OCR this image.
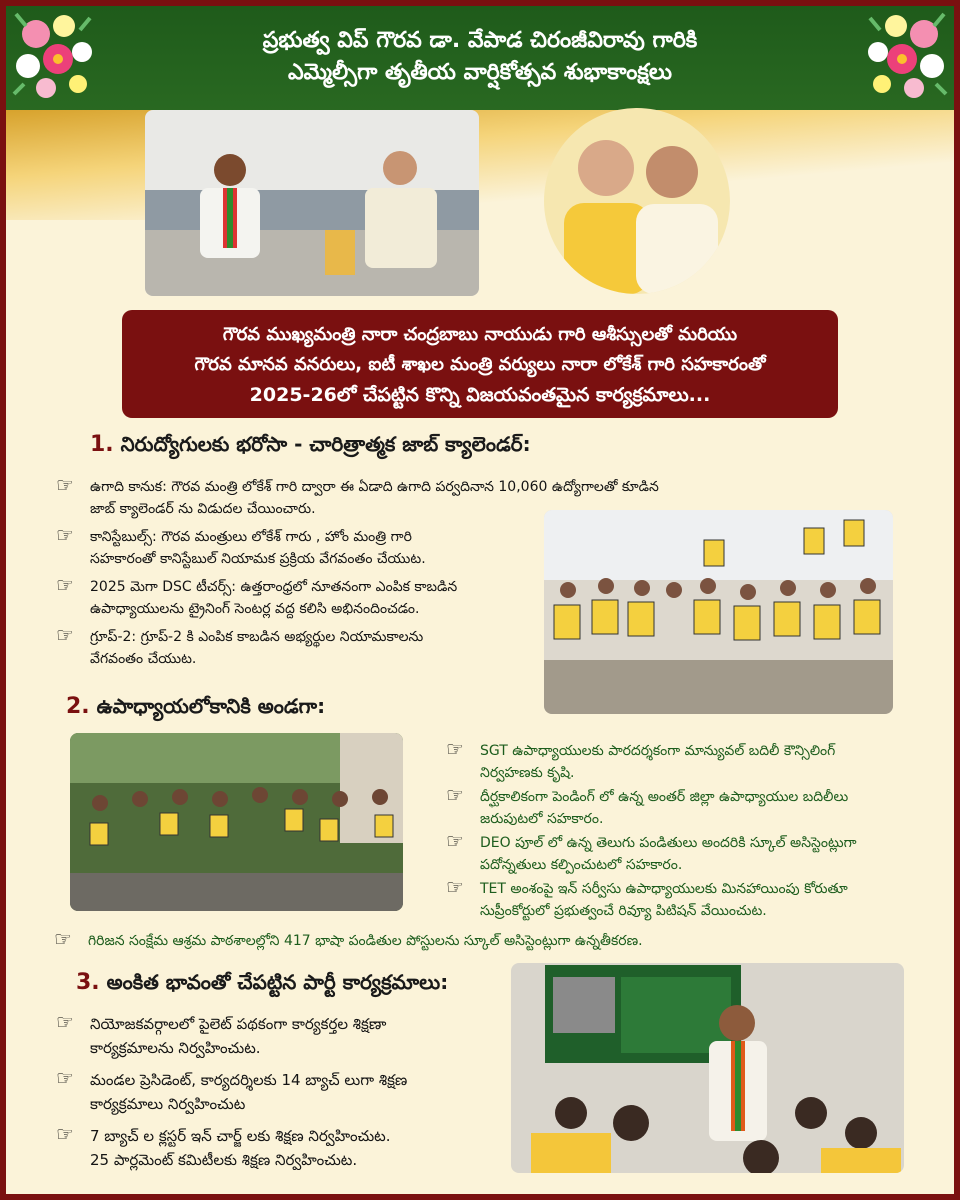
ప్రభుత్వ విప్ గౌరవ డా. వేపాడ చిరంజీవిరావు గారికి
ఎమ్మెల్సీగా తృతీయ వార్షికోత్సవ శుభాకాంక్షలు
గౌరవ ముఖ్యమంత్రి నారా చంద్రబాబు నాయుడు గారి ఆశీస్సులతో మరియు
గౌరవ మానవ వనరులు, ఐటీ శాఖల మంత్రి వర్యులు నారా లోకేశ్ గారి సహకారంతో
2025-26లో చేపట్టిన కొన్ని విజయవంతమైన కార్యక్రమాలు...
1. నిరుద్యోగులకు భరోసా - చారిత్రాత్మక జాబ్ క్యాలెండర్:
☞ ఉగాది కానుక: గౌరవ మంత్రి లోకేశ్ గారి ద్వారా ఈ ఏడాది ఉగాది పర్వదినాన 10,060 ఉద్యోగాలతో కూడిన
జాబ్ క్యాలెండర్ ను విడుదల చేయించారు.
☞ కానిస్టేబుల్స్: గౌరవ మంత్రులు లోకేశ్ గారు , హోం మంత్రి గారి
సహకారంతో కానిస్టేబుల్ నియామక ప్రక్రియ వేగవంతం చేయుట.
☞ 2025 మెగా DSC టీచర్స్: ఉత్తరాంధ్రలో నూతనంగా ఎంపిక కాబడిన
ఉపాధ్యాయులను ట్రైనింగ్ సెంటర్ల వద్ద కలిసి అభినందించడం.
☞ గ్రూప్-2: గ్రూప్-2 కి ఎంపిక కాబడిన అభ్యర్థుల నియామకాలను
వేగవంతం చేయుట.
2. ఉపాధ్యాయలోకానికి అండగా:
☞ SGT ఉపాధ్యాయులకు పారదర్శకంగా మాన్యువల్ బదిలీ కౌన్సిలింగ్
నిర్వహణకు కృషి.
☞ దీర్ఘకాలికంగా పెండింగ్ లో ఉన్న అంతర్ జిల్లా ఉపాధ్యాయుల బదిలీలు
జరుపుటలో సహకారం.
☞ DEO పూల్ లో ఉన్న తెలుగు పండితులు అందరికి స్కూల్ అసిస్టెంట్లుగా
పదోన్నతులు కల్పించుటలో సహకారం.
☞ TET అంశంపై ఇన్ సర్వీసు ఉపాధ్యాయులకు మినహాయింపు కోరుతూ
సుప్రీంకోర్టులో ప్రభుత్వంచే రివ్యూ పిటిషన్ వేయించుట.
☞ గిరిజన సంక్షేమ ఆశ్రమ పాఠశాలల్లోని 417 భాషా పండితుల పోస్టులను స్కూల్ అసిస్టెంట్లుగా ఉన్నతీకరణ.
3. అంకిత భావంతో చేపట్టిన పార్టీ కార్యక్రమాలు:
☞ నియోజకవర్గాలలో పైలెట్ పథకంగా కార్యకర్తల శిక్షణా
కార్యక్రమాలను నిర్వహించుట.
☞ మండల ప్రెసిడెంట్, కార్యదర్శిలకు 14 బ్యాచ్ లుగా శిక్షణ
కార్యక్రమాలు నిర్వహించుట
☞ 7 బ్యాచ్ ల క్లస్టర్ ఇన్ చార్జ్ లకు శిక్షణ నిర్వహించుట.
25 పార్లమెంట్ కమిటీలకు శిక్షణ నిర్వహించుట.
